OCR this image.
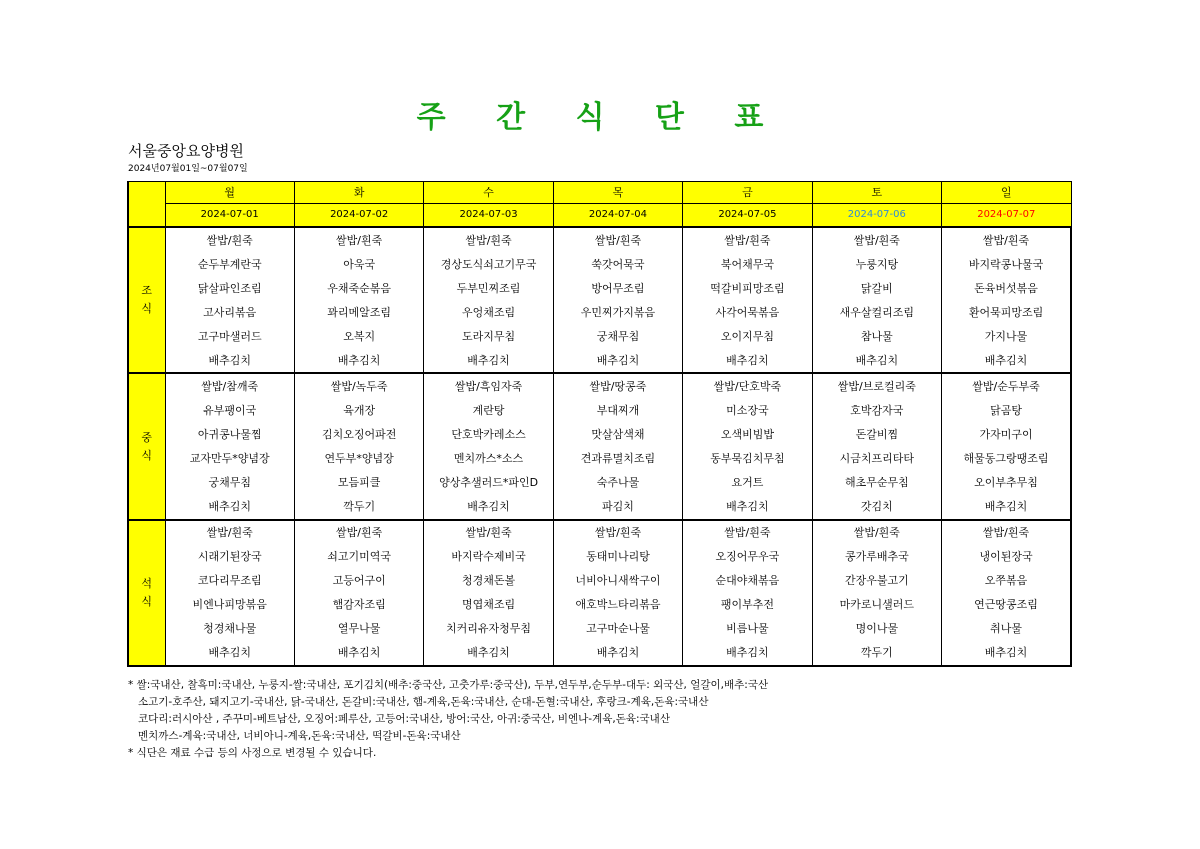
주 간 식 단 표
서울중앙요양병원
2024년07월01일~07월07일
	월	화	수	목	금	토	일
	2024-07-01	2024-07-02	2024-07-03	2024-07-04	2024-07-05	2024-07-06	2024-07-07
조식	쌀밥/흰죽	쌀밥/흰죽	쌀밥/흰죽	쌀밥/흰죽	쌀밥/흰죽	쌀밥/흰죽	쌀밥/흰죽
	순두부계란국	아욱국	경상도식쇠고기무국	쑥갓어묵국	북어채무국	누룽지탕	바지락콩나물국
	닭살파인조림	우채죽순볶음	두부민찌조림	방어무조림	떡갈비피망조림	닭갈비	돈육버섯볶음
	고사리볶음	꽈리메알조림	우엉채조림	우민찌가지볶음	사각어묵볶음	새우살컬리조림	환어묵피망조림
	고구마샐러드	오복지	도라지무침	궁채무침	오이지무침	참나물	가지나물
	배추김치	배추김치	배추김치	배추김치	배추김치	배추김치	배추김치
중식	쌀밥/참깨죽	쌀밥/녹두죽	쌀밥/흑임자죽	쌀밥/땅콩죽	쌀밥/단호박죽	쌀밥/브로컬리죽	쌀밥/순두부죽
	유부팽이국	육개장	계란탕	부대찌개	미소장국	호박감자국	닭곰탕
	아귀콩나물찜	김치오징어파전	단호박카레소스	맛살삼색채	오색비빔밥	돈갈비찜	가자미구이
	교자만두*양념장	연두부*양념장	멘치까스*소스	견과류멸치조림	동부묵김치무침	시금치프리타타	해물동그랑땡조림
	궁채무침	모듬피클	양상추샐러드*파인D	숙주나물	요거트	해초무순무침	오이부추무침
	배추김치	깍두기	배추김치	파김치	배추김치	갓김치	배추김치
석식	쌀밥/흰죽	쌀밥/흰죽	쌀밥/흰죽	쌀밥/흰죽	쌀밥/흰죽	쌀밥/흰죽	쌀밥/흰죽
	시래기된장국	쇠고기미역국	바지락수제비국	동태미나리탕	오징어무우국	콩가루배추국	냉이된장국
	코다리무조림	고등어구이	청경채돈볼	너비아니새싹구이	순대야채볶음	간장우불고기	오쭈볶음
	비엔나피망볶음	햄감자조림	명엽채조림	애호박느타리볶음	팽이부추전	마카로니샐러드	연근땅콩조림
	청경채나물	열무나물	치커리유자청무침	고구마순나물	비름나물	명이나물	취나물
	배추김치	배추김치	배추김치	배추김치	배추김치	깍두기	배추김치
* 쌀:국내산, 찰흑미:국내산, 누룽지-쌀:국내산, 포기김치(배추:중국산, 고춧가루:중국산), 두부,연두부,순두부-대두: 외국산, 얼갈이,배추:국산
소고기-호주산, 돼지고기-국내산, 닭-국내산, 돈갈비:국내산, 햄-계육,돈육:국내산, 순대-돈혈:국내산, 후랑크-계육,돈육:국내산
코다리:러시아산 , 주꾸미-베트남산, 오징어:페루산, 고등어:국내산, 방어:국산, 아귀:중국산, 비엔나-계육,돈육:국내산
멘치까스-계육:국내산, 너비아니-계육,돈육:국내산, 떡갈비-돈육:국내산
* 식단은 재료 수급 등의 사정으로 변경될 수 있습니다.
